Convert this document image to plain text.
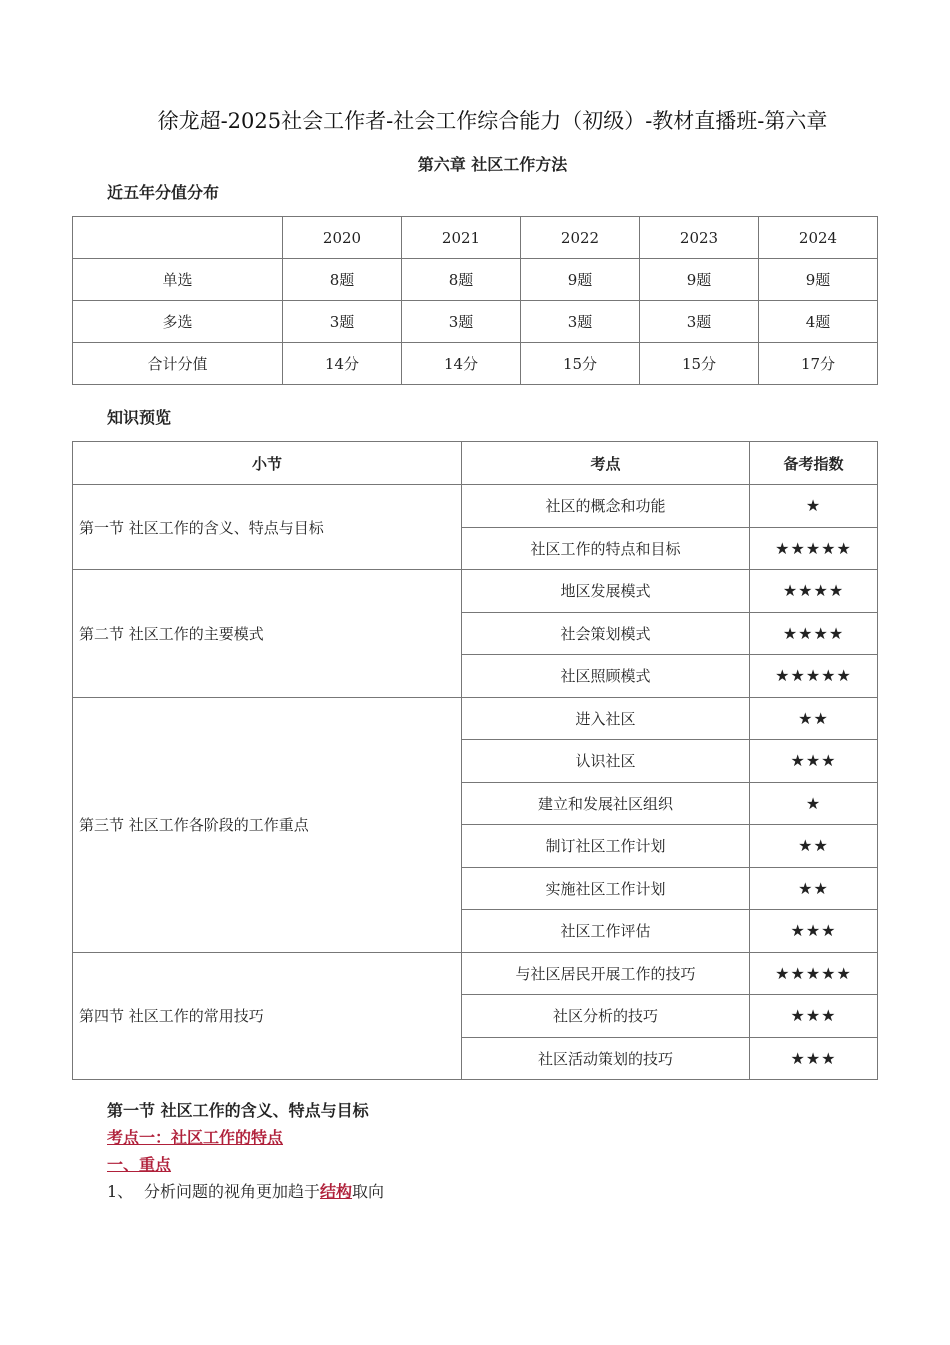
徐龙超-2025社会工作者-社会工作综合能力（初级）-教材直播班-第六章
第六章 社区工作方法

近五年分值分布

	2020	2021	2022	2023	2024
单选	8题	8题	9题	9题	9题
多选	3题	3题	3题	3题	4题
合计分值	14分	14分	15分	15分	17分

知识预览

小节	考点	备考指数
第一节 社区工作的含义、特点与目标	社区的概念和功能	★
	社区工作的特点和目标	★★★★★
第二节 社区工作的主要模式	地区发展模式	★★★★
	社会策划模式	★★★★
	社区照顾模式	★★★★★
第三节 社区工作各阶段的工作重点	进入社区	★★
	认识社区	★★★
	建立和发展社区组织	★
	制订社区工作计划	★★
	实施社区工作计划	★★
	社区工作评估	★★★
第四节 社区工作的常用技巧	与社区居民开展工作的技巧	★★★★★
	社区分析的技巧	★★★
	社区活动策划的技巧	★★★

第一节 社区工作的含义、特点与目标

考点一：社区工作的特点

一、重点

1、 分析问题的视角更加趋于结构取向
